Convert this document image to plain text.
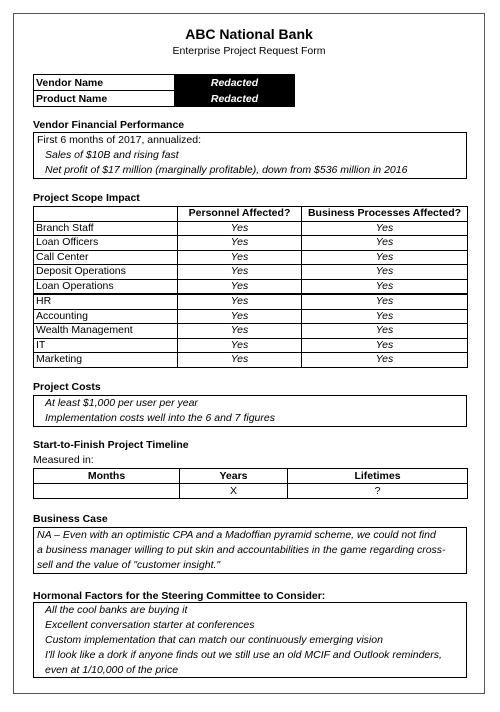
ABC National Bank
Enterprise Project Request Form
Vendor Name	Redacted
Product Name	Redacted
Vendor Financial Performance
First 6 months of 2017, annualized:
Sales of $10B and rising fast
Net profit of $17 million (marginally profitable), down from $536 million in 2016
Project Scope Impact
	Personnel Affected?	Business Processes Affected?
Branch Staff	Yes	Yes
Loan Officers	Yes	Yes
Call Center	Yes	Yes
Deposit Operations	Yes	Yes
Loan Operations	Yes	Yes
HR	Yes	Yes
Accounting	Yes	Yes
Wealth Management	Yes	Yes
IT	Yes	Yes
Marketing	Yes	Yes
Project Costs
At least $1,000 per user per year
Implementation costs well into the 6 and 7 figures
Start-to-Finish Project Timeline
Measured in:
Months	Years	Lifetimes
	X	?
Business Case
NA – Even with an optimistic CPA and a Madoffian pyramid scheme, we could not find
a business manager willing to put skin and accountabilities in the game regarding cross-
sell and the value of "customer insight."
Hormonal Factors for the Steering Committee to Consider:
All the cool banks are buying it
Excellent conversation starter at conferences
Custom implementation that can match our continuously emerging vision
I'll look like a dork if anyone finds out we still use an old MCIF and Outlook reminders,
even at 1/10,000 of the price
